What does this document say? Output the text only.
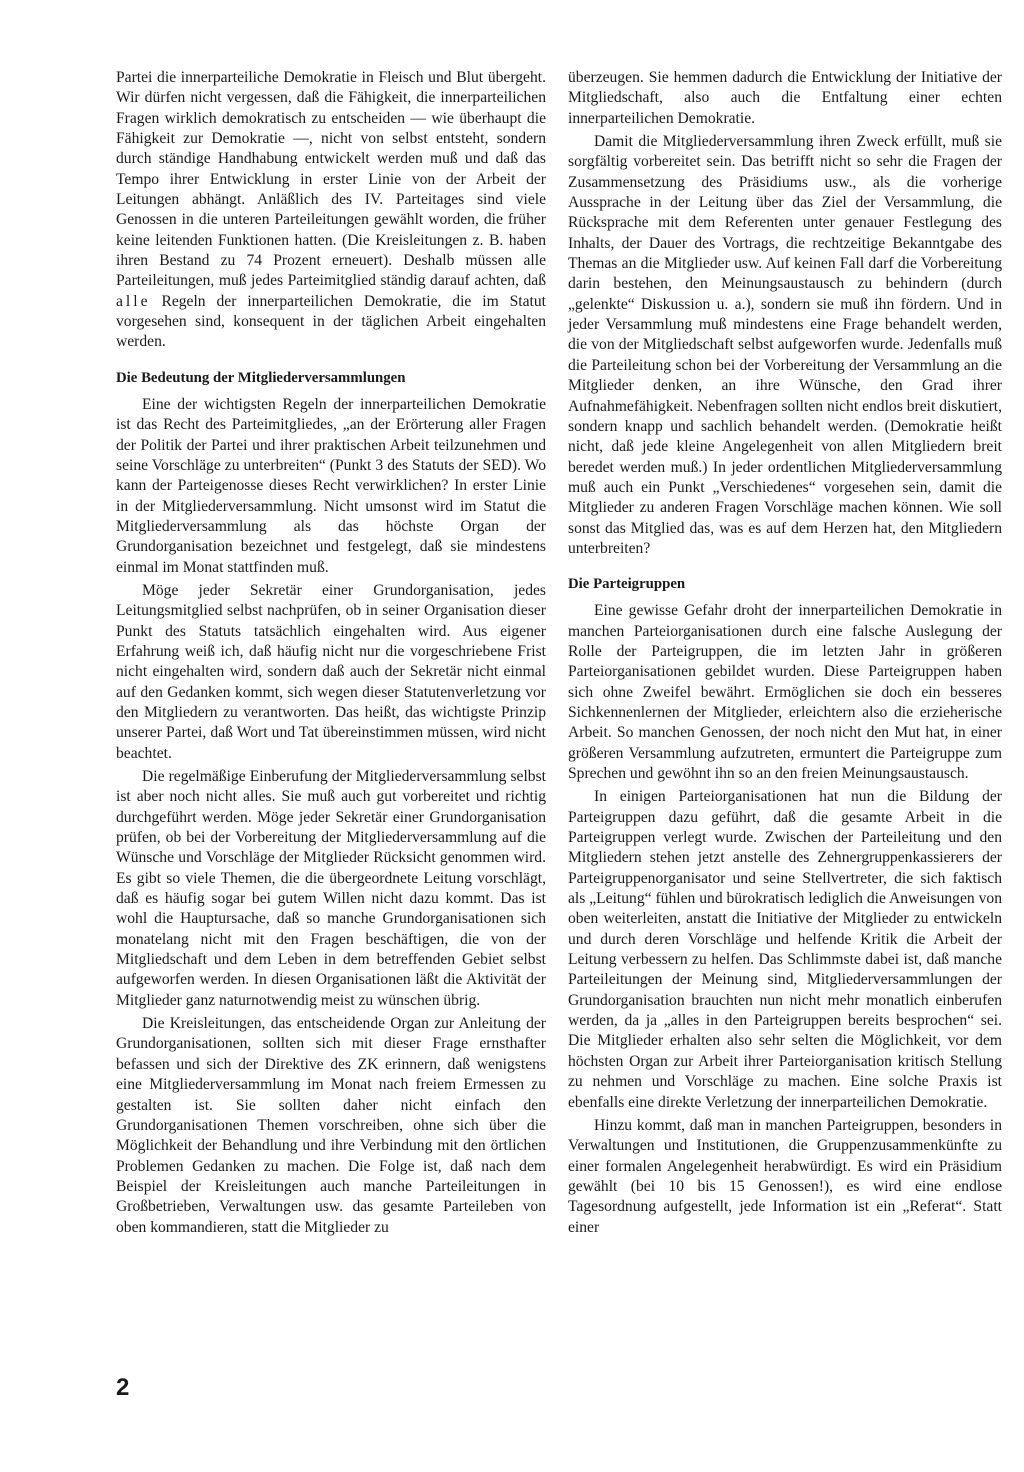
Partei die innerparteiliche Demokratie in Fleisch und Blut übergeht. Wir dürfen nicht vergessen, daß die Fähigkeit, die innerparteilichen Fragen wirklich demokratisch zu entscheiden — wie überhaupt die Fähigkeit zur Demokratie —, nicht von selbst entsteht, sondern durch ständige Handhabung entwickelt werden muß und daß das Tempo ihrer Entwicklung in erster Linie von der Arbeit der Leitungen abhängt. Anläßlich des IV. Parteitages sind viele Genossen in die unteren Parteileitungen gewählt worden, die früher keine leitenden Funktionen hatten. (Die Kreisleitungen z. B. haben ihren Bestand zu 74 Prozent erneuert). Deshalb müssen alle Parteileitungen, muß jedes Parteimitglied ständig darauf achten, daß alle Regeln der innerparteilichen Demokratie, die im Statut vorgesehen sind, konsequent in der täglichen Arbeit eingehalten werden.

Die Bedeutung der Mitgliederversammlungen

Eine der wichtigsten Regeln der innerparteilichen Demokratie ist das Recht des Parteimitgliedes, „an der Erörterung aller Fragen der Politik der Partei und ihrer praktischen Arbeit teilzunehmen und seine Vorschläge zu unterbreiten“ (Punkt 3 des Statuts der SED). Wo kann der Parteigenosse dieses Recht verwirklichen? In erster Linie in der Mitgliederversammlung. Nicht umsonst wird im Statut die Mitgliederversammlung als das höchste Organ der Grundorganisation bezeichnet und festgelegt, daß sie mindestens einmal im Monat stattfinden muß.

Möge jeder Sekretär einer Grundorganisation, jedes Leitungsmitglied selbst nachprüfen, ob in seiner Organisation dieser Punkt des Statuts tatsächlich eingehalten wird. Aus eigener Erfahrung weiß ich, daß häufig nicht nur die vorgeschriebene Frist nicht eingehalten wird, sondern daß auch der Sekretär nicht einmal auf den Gedanken kommt, sich wegen dieser Statutenverletzung vor den Mitgliedern zu verantworten. Das heißt, das wichtigste Prinzip unserer Partei, daß Wort und Tat übereinstimmen müssen, wird nicht beachtet.

Die regelmäßige Einberufung der Mitgliederversammlung selbst ist aber noch nicht alles. Sie muß auch gut vorbereitet und richtig durchgeführt werden. Möge jeder Sekretär einer Grundorganisation prüfen, ob bei der Vorbereitung der Mitgliederversammlung auf die Wünsche und Vorschläge der Mitglieder Rücksicht genommen wird. Es gibt so viele Themen, die die übergeordnete Leitung vorschlägt, daß es häufig sogar bei gutem Willen nicht dazu kommt. Das ist wohl die Hauptursache, daß so manche Grundorganisationen sich monatelang nicht mit den Fragen beschäftigen, die von der Mitgliedschaft und dem Leben in dem betreffenden Gebiet selbst aufgeworfen werden. In diesen Organisationen läßt die Aktivität der Mitglieder ganz naturnotwendig meist zu wünschen übrig.

Die Kreisleitungen, das entscheidende Organ zur Anleitung der Grundorganisationen, sollten sich mit dieser Frage ernsthafter befassen und sich der Direktive des ZK erinnern, daß wenigstens eine Mitgliederversammlung im Monat nach freiem Ermessen zu gestalten ist. Sie sollten daher nicht einfach den Grundorganisationen Themen vorschreiben, ohne sich über die Möglichkeit der Behandlung und ihre Verbindung mit den örtlichen Problemen Gedanken zu machen. Die Folge ist, daß nach dem Beispiel der Kreisleitungen auch manche Parteileitungen in Großbetrieben, Verwaltungen usw. das gesamte Parteileben von oben kommandieren, statt die Mitglieder zu

überzeugen. Sie hemmen dadurch die Entwicklung der Initiative der Mitgliedschaft, also auch die Entfaltung einer echten innerparteilichen Demokratie.

Damit die Mitgliederversammlung ihren Zweck erfüllt, muß sie sorgfältig vorbereitet sein. Das betrifft nicht so sehr die Fragen der Zusammensetzung des Präsidiums usw., als die vorherige Aussprache in der Leitung über das Ziel der Versammlung, die Rücksprache mit dem Referenten unter genauer Festlegung des Inhalts, der Dauer des Vortrags, die rechtzeitige Bekanntgabe des Themas an die Mitglieder usw. Auf keinen Fall darf die Vorbereitung darin bestehen, den Meinungsaustausch zu behindern (durch „gelenkte“ Diskussion u. a.), sondern sie muß ihn fördern. Und in jeder Versammlung muß mindestens eine Frage behandelt werden, die von der Mitgliedschaft selbst aufgeworfen wurde. Jedenfalls muß die Parteileitung schon bei der Vorbereitung der Versammlung an die Mitglieder denken, an ihre Wünsche, den Grad ihrer Aufnahmefähigkeit. Nebenfragen sollten nicht endlos breit diskutiert, sondern knapp und sachlich behandelt werden. (Demokratie heißt nicht, daß jede kleine Angelegenheit von allen Mitgliedern breit beredet werden muß.) In jeder ordentlichen Mitgliederversammlung muß auch ein Punkt „Verschiedenes“ vorgesehen sein, damit die Mitglieder zu anderen Fragen Vorschläge machen können. Wie soll sonst das Mitglied das, was es auf dem Herzen hat, den Mitgliedern unterbreiten?

Die Parteigruppen

Eine gewisse Gefahr droht der innerparteilichen Demokratie in manchen Parteiorganisationen durch eine falsche Auslegung der Rolle der Parteigruppen, die im letzten Jahr in größeren Parteiorganisationen gebildet wurden. Diese Parteigruppen haben sich ohne Zweifel bewährt. Ermöglichen sie doch ein besseres Sichkennenlernen der Mitglieder, erleichtern also die erzieherische Arbeit. So manchen Genossen, der noch nicht den Mut hat, in einer größeren Versammlung aufzutreten, ermuntert die Parteigruppe zum Sprechen und gewöhnt ihn so an den freien Meinungsaustausch.

In einigen Parteiorganisationen hat nun die Bildung der Parteigruppen dazu geführt, daß die gesamte Arbeit in die Parteigruppen verlegt wurde. Zwischen der Parteileitung und den Mitgliedern stehen jetzt anstelle des Zehnergruppenkassierers der Parteigruppenorganisator und seine Stellvertreter, die sich faktisch als „Leitung“ fühlen und bürokratisch lediglich die Anweisungen von oben weiterleiten, anstatt die Initiative der Mitglieder zu entwickeln und durch deren Vorschläge und helfende Kritik die Arbeit der Leitung verbessern zu helfen. Das Schlimmste dabei ist, daß manche Parteileitungen der Meinung sind, Mitgliederversammlungen der Grundorganisation brauchten nun nicht mehr monatlich einberufen werden, da ja „alles in den Parteigruppen bereits besprochen“ sei. Die Mitglieder erhalten also sehr selten die Möglichkeit, vor dem höchsten Organ zur Arbeit ihrer Parteiorganisation kritisch Stellung zu nehmen und Vorschläge zu machen. Eine solche Praxis ist ebenfalls eine direkte Verletzung der innerparteilichen Demokratie.

Hinzu kommt, daß man in manchen Parteigruppen, besonders in Verwaltungen und Institutionen, die Gruppenzusammenkünfte zu einer formalen Angelegenheit herabwürdigt. Es wird ein Präsidium gewählt (bei 10 bis 15 Genossen!), es wird eine endlose Tagesordnung aufgestellt, jede Information ist ein „Referat“. Statt einer

2
